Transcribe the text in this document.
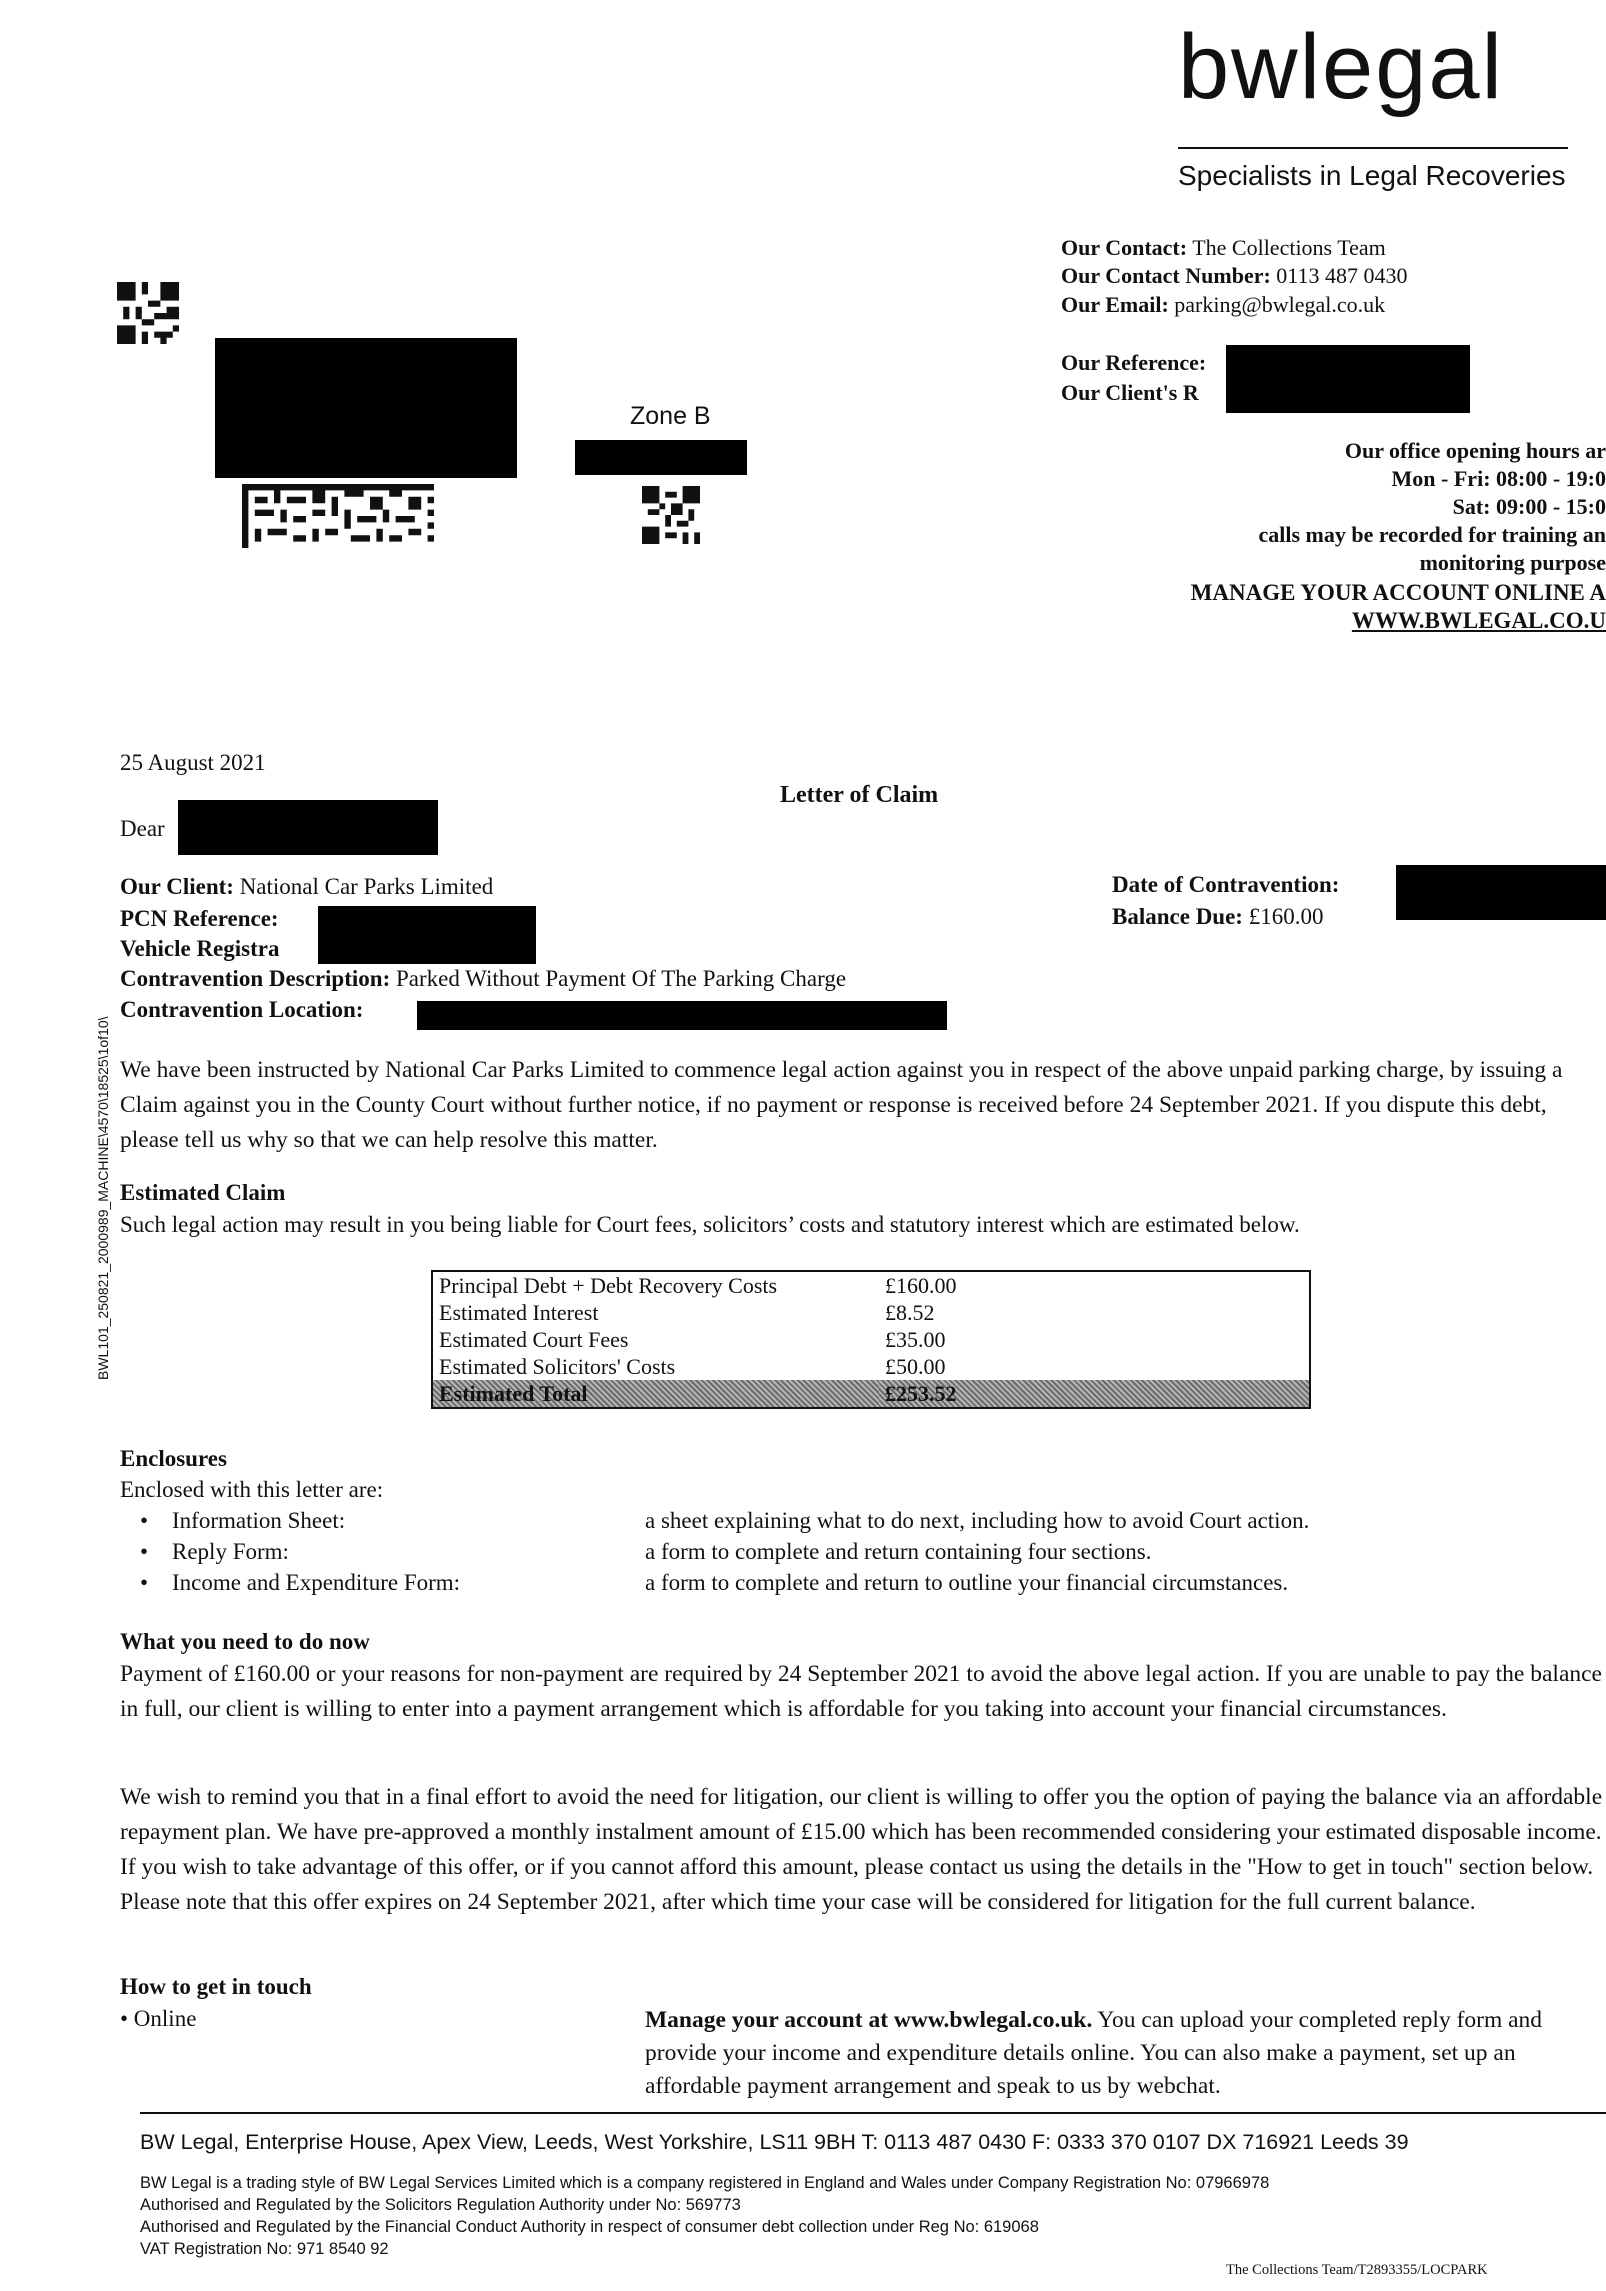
bwlegal
Specialists in Legal Recoveries
Our Contact: The Collections Team
Our Contact Number: 0113 487 0430
Our Email: parking@bwlegal.co.uk
Our Reference:
Our Client's R
Our office opening hours ar
Mon - Fri: 08:00 - 19:0
Sat: 09:00 - 15:0
calls may be recorded for training an
monitoring purpose
MANAGE YOUR ACCOUNT ONLINE A
WWW.BWLEGAL.CO.U
Zone B
BWL101_250821_2000989_MACHINE\4570\18525\1of10\
25 August 2021
Letter of Claim
Dear
Our Client: National Car Parks Limited
PCN Reference:
Vehicle Registra
Contravention Description: Parked Without Payment Of The Parking Charge
Contravention Location:
Date of Contravention:
Balance Due: £160.00
We have been instructed by National Car Parks Limited to commence legal action against you in respect of the above unpaid parking charge, by issuing a Claim against you in the County Court without further notice, if no payment or response is received before 24 September 2021. If you dispute this debt, please tell us why so that we can help resolve this matter.
Estimated Claim
Such legal action may result in you being liable for Court fees, solicitors’ costs and statutory interest which are estimated below.
Principal Debt + Debt Recovery Costs	£160.00
Estimated Interest	£8.52
Estimated Court Fees	£35.00
Estimated Solicitors' Costs	£50.00
Estimated Total	£253.52
Enclosures
Enclosed with this letter are:
• Information Sheet:	a sheet explaining what to do next, including how to avoid Court action.
• Reply Form:	a form to complete and return containing four sections.
• Income and Expenditure Form:	a form to complete and return to outline your financial circumstances.
What you need to do now
Payment of £160.00 or your reasons for non-payment are required by 24 September 2021 to avoid the above legal action. If you are unable to pay the balance in full, our client is willing to enter into a payment arrangement which is affordable for you taking into account your financial circumstances.
We wish to remind you that in a final effort to avoid the need for litigation, our client is willing to offer you the option of paying the balance via an affordable repayment plan. We have pre-approved a monthly instalment amount of £15.00 which has been recommended considering your estimated disposable income. If you wish to take advantage of this offer, or if you cannot afford this amount, please contact us using the details in the "How to get in touch" section below. Please note that this offer expires on 24 September 2021, after which time your case will be considered for litigation for the full current balance.
How to get in touch
• Online	Manage your account at www.bwlegal.co.uk. You can upload your completed reply form and provide your income and expenditure details online. You can also make a payment, set up an affordable payment arrangement and speak to us by webchat.
BW Legal, Enterprise House, Apex View, Leeds, West Yorkshire, LS11 9BH T: 0113 487 0430 F: 0333 370 0107 DX 716921 Leeds 39
BW Legal is a trading style of BW Legal Services Limited which is a company registered in England and Wales under Company Registration No: 07966978
Authorised and Regulated by the Solicitors Regulation Authority under No: 569773
Authorised and Regulated by the Financial Conduct Authority in respect of consumer debt collection under Reg No: 619068
VAT Registration No: 971 8540 92
The Collections Team/T2893355/LOCPARK
